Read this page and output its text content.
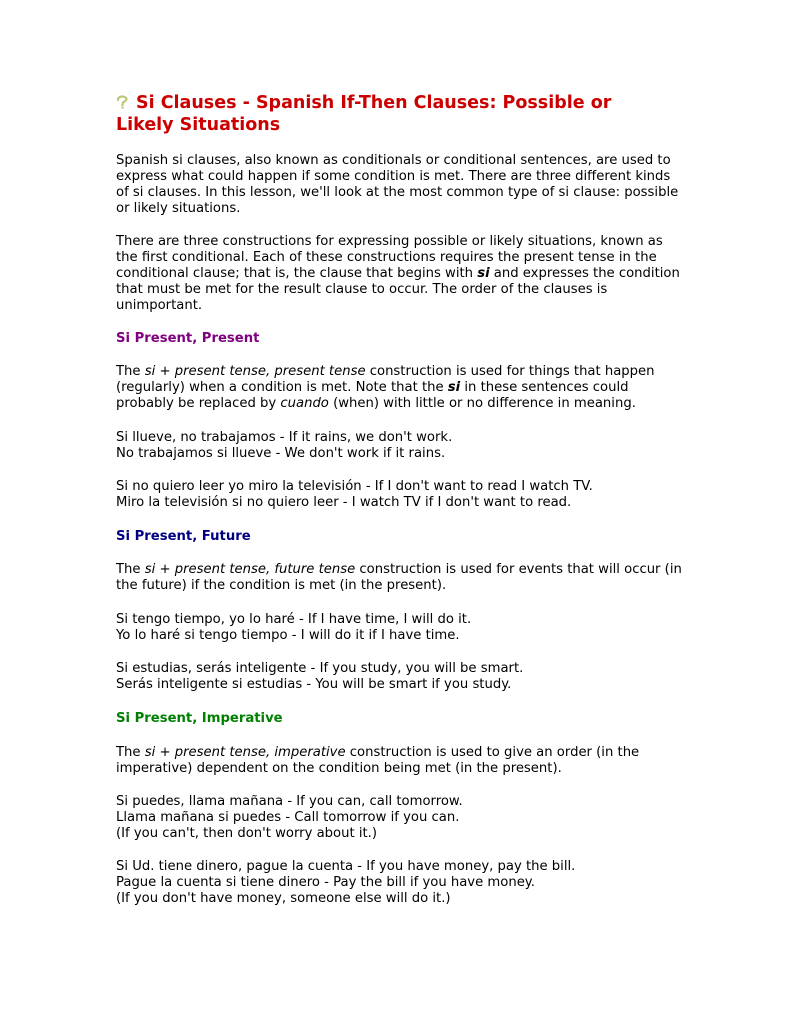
Si Clauses - Spanish If-Then Clauses: Possible or
Likely Situations

Spanish si clauses, also known as conditionals or conditional sentences, are used to
express what could happen if some condition is met. There are three different kinds
of si clauses. In this lesson, we'll look at the most common type of si clause: possible
or likely situations.

There are three constructions for expressing possible or likely situations, known as
the first conditional. Each of these constructions requires the present tense in the
conditional clause; that is, the clause that begins with si and expresses the condition
that must be met for the result clause to occur. The order of the clauses is
unimportant.

Si Present, Present

The si + present tense, present tense construction is used for things that happen
(regularly) when a condition is met. Note that the si in these sentences could
probably be replaced by cuando (when) with little or no difference in meaning.

Si llueve, no trabajamos - If it rains, we don't work.
No trabajamos si llueve - We don't work if it rains.

Si no quiero leer yo miro la televisión - If I don't want to read I watch TV.
Miro la televisión si no quiero leer - I watch TV if I don't want to read.

Si Present, Future

The si + present tense, future tense construction is used for events that will occur (in
the future) if the condition is met (in the present).

Si tengo tiempo, yo lo haré - If I have time, I will do it.
Yo lo haré si tengo tiempo - I will do it if I have time.

Si estudias, serás inteligente - If you study, you will be smart.
Serás inteligente si estudias - You will be smart if you study.

Si Present, Imperative

The si + present tense, imperative construction is used to give an order (in the
imperative) dependent on the condition being met (in the present).

Si puedes, llama mañana - If you can, call tomorrow.
Llama mañana si puedes - Call tomorrow if you can.
(If you can't, then don't worry about it.)

Si Ud. tiene dinero, pague la cuenta - If you have money, pay the bill.
Pague la cuenta si tiene dinero - Pay the bill if you have money.
(If you don't have money, someone else will do it.)
